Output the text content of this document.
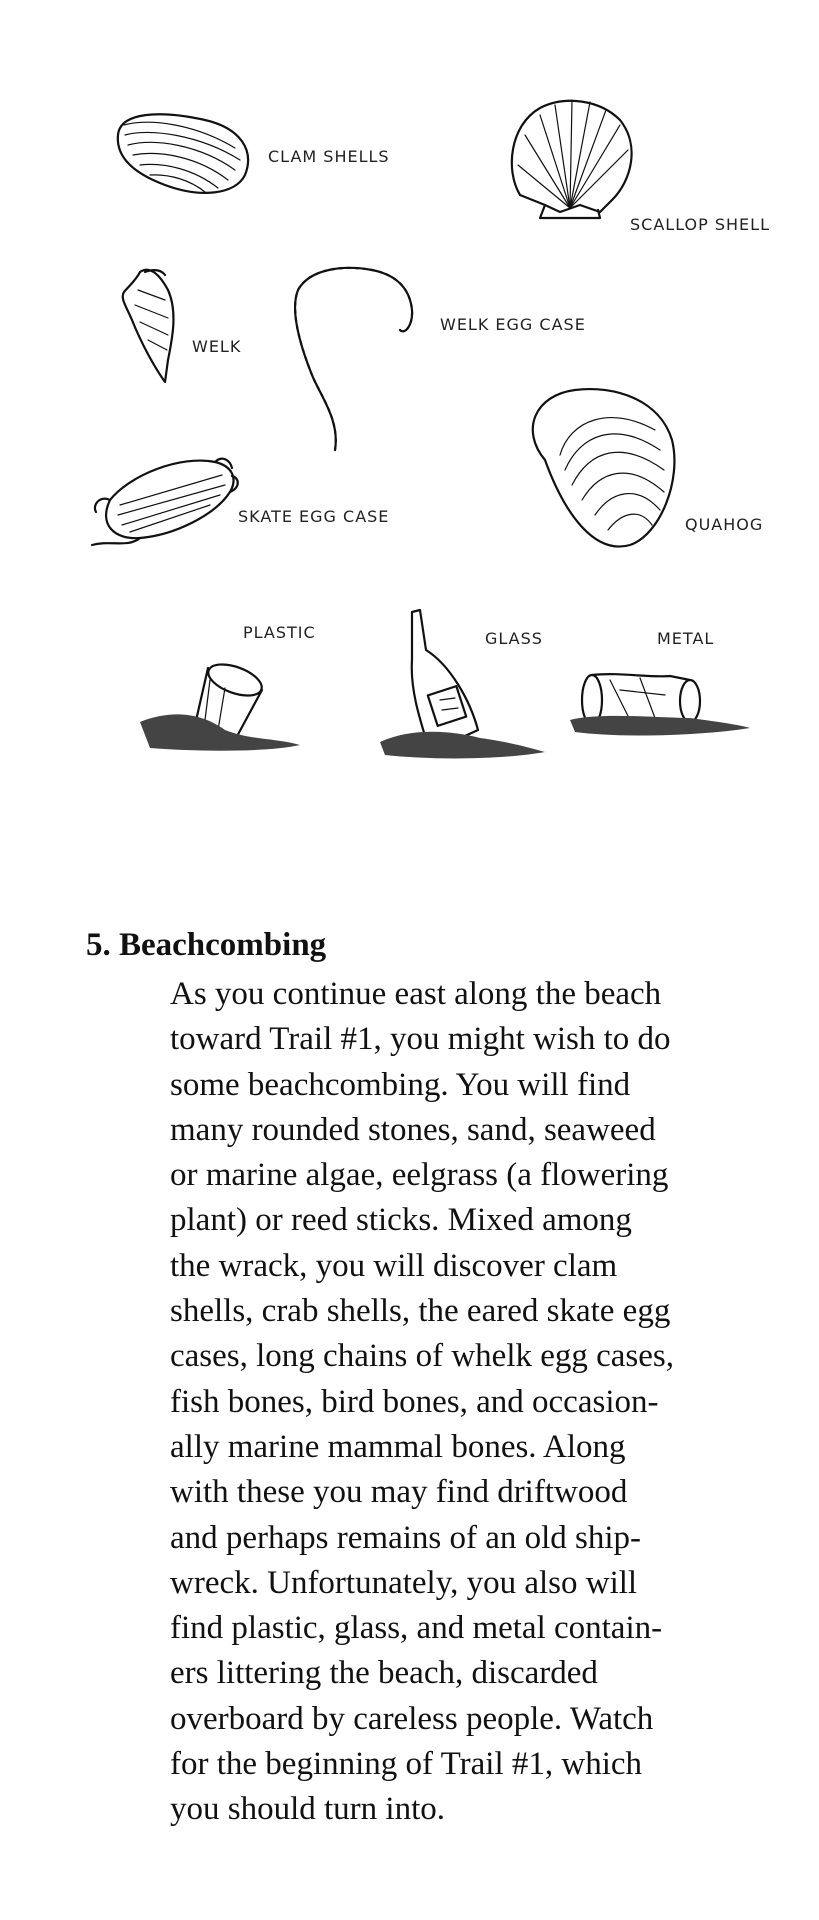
CLAM SHELLS
SCALLOP SHELL
WELK
WELK EGG CASE
QUAHOG
SKATE EGG CASE
PLASTIC	GLASS	METAL
5. Beachcombing
As you continue east along the beach
toward Trail #1, you might wish to do
some beachcombing. You will find
many rounded stones, sand, seaweed
or marine algae, eelgrass (a flowering
plant) or reed sticks. Mixed among
the wrack, you will discover clam
shells, crab shells, the eared skate egg
cases, long chains of whelk egg cases,
fish bones, bird bones, and occasion-
ally marine mammal bones. Along
with these you may find driftwood
and perhaps remains of an old ship-
wreck. Unfortunately, you also will
find plastic, glass, and metal contain-
ers littering the beach, discarded
overboard by careless people. Watch
for the beginning of Trail #1, which
you should turn into.
